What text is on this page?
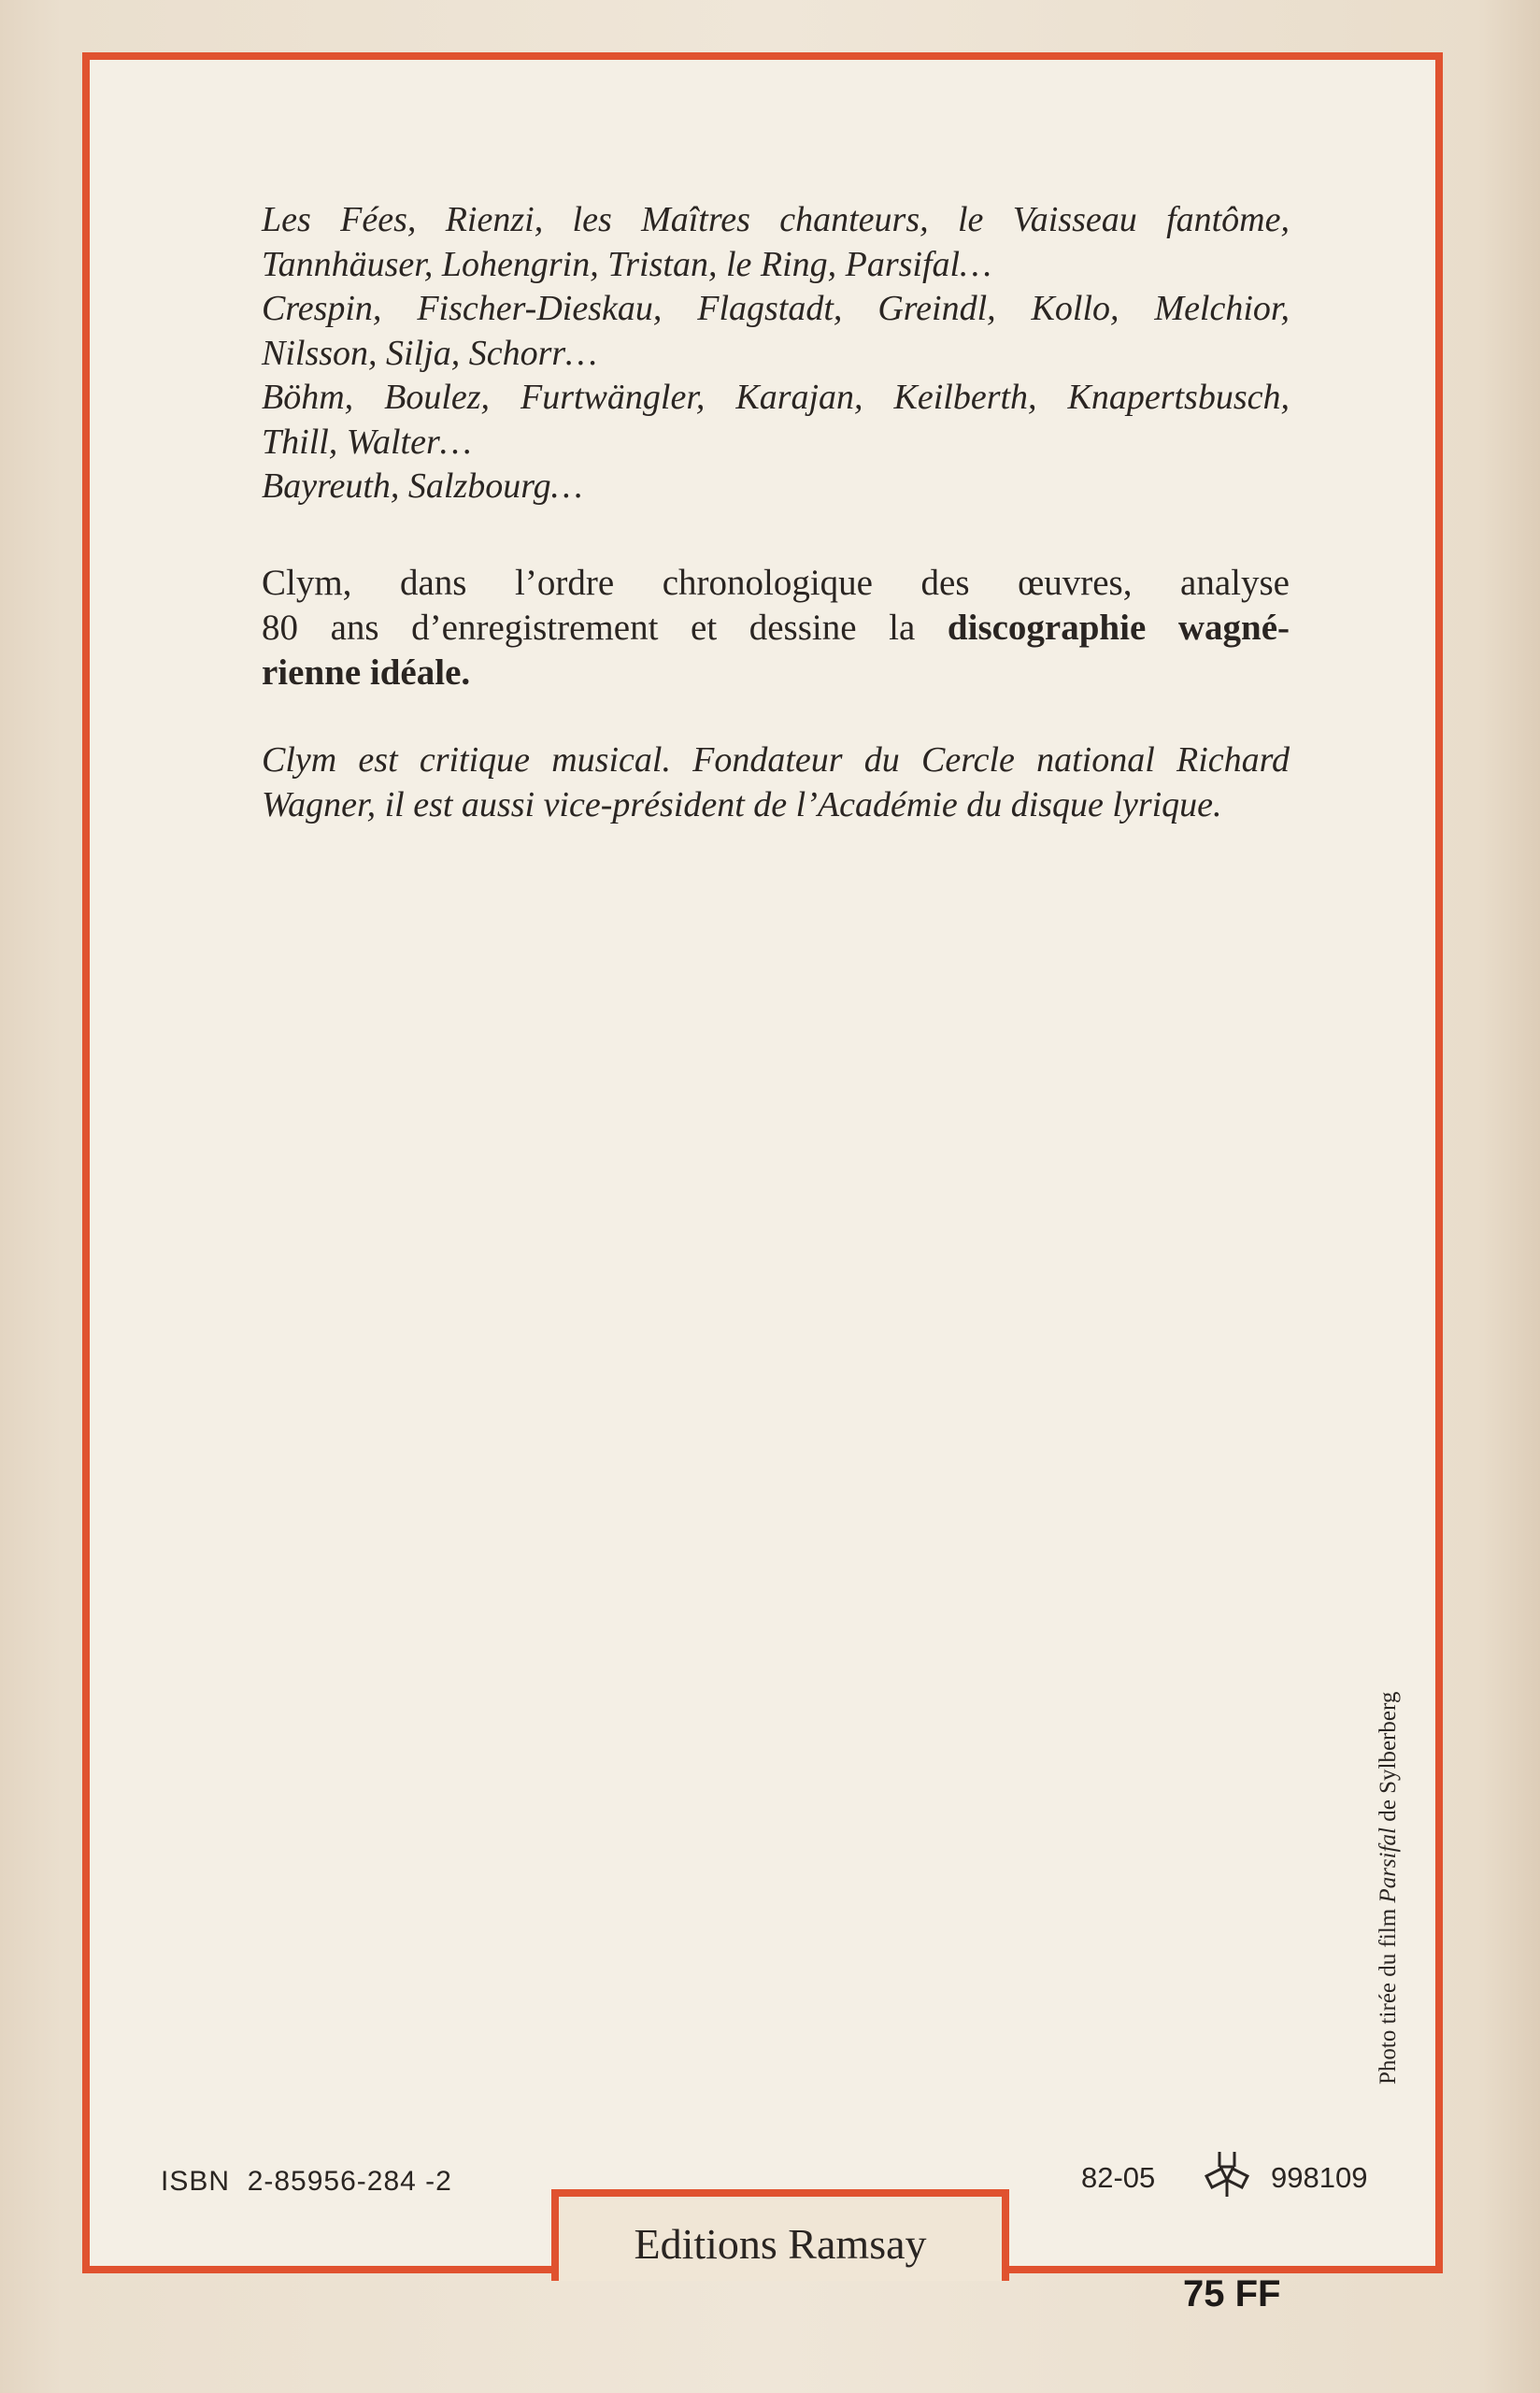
Les Fées, Rienzi, les Maîtres chanteurs, le Vaisseau fantôme,
Tannhäuser, Lohengrin, Tristan, le Ring, Parsifal…
Crespin, Fischer-Dieskau, Flagstadt, Greindl, Kollo, Melchior,
Nilsson, Silja, Schorr…
Böhm, Boulez, Furtwängler, Karajan, Keilberth, Knapertsbusch,
Thill, Walter…
Bayreuth, Salzbourg…
Clym, dans l’ordre chronologique des œuvres, analyse
80 ans d’enregistrement et dessine la discographie wagné-
rienne idéale.
Clym est critique musical. Fondateur du Cercle national Richard
Wagner, il est aussi vice-président de l’Académie du disque lyrique.
Photo tirée du film Parsifal de Sylberberg
ISBN  2-85956-284 -2	82-05	998109
Editions Ramsay
75 FF
